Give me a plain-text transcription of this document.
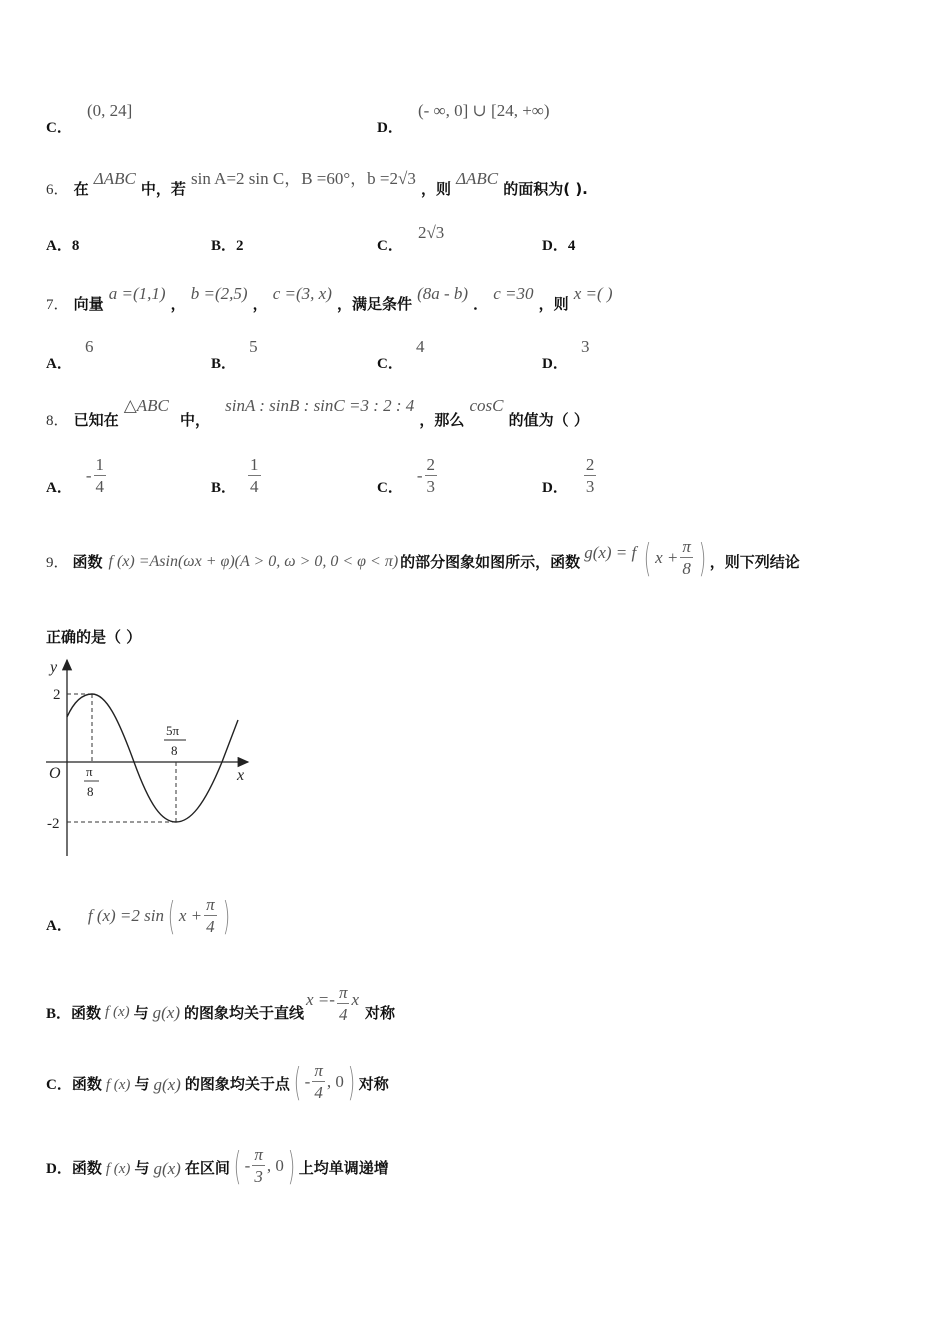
C． (0, 24]
D． (- ∞, 0] ∪ [24, +∞)
6． 在 ΔABC 中，若 sin A=2 sin C，B =60°，b =2√3 ，则 ΔABC 的面积为( ).
A．8	B．2	C． 2√3
D．4
7． 向量 a =(1,1) ， b =(2,5) ， c =(3, x) ，满足条件 (8a - b) ． c =30 ，则 x =( )
A． 6
B． 5
C． 4
D． 3
8． 已知在 △ABC 中， sinA : sinB : sinC =3 : 2 : 4 ，那么 cosC 的值为（ ）
A．
- $\frac{1}{4}$	B． $\frac{1}{4}$	C．
- $\frac{2}{3}$	D． $\frac{2}{3}$
9． 函数 f (x) =Asin(ωx + φ)(A > 0, ω > 0, 0 < φ < π) 的部分图象如图所示，函数
g(x) = f ( $x + \frac{\pi}{8}$ ) ，则下列结论
正确的是（ ）
y
x
O
2
-2
π
8
5π
8
A．
f (x) =2 sin ( $x + \frac{\pi}{4}$ )
B． 函数 f (x) 与 g(x) 的图象均关于直线
$x =- \frac{\pi}{4}$ x
对称
C． 函数 f (x) 与 g(x) 的图象均关于点 ( - $\frac{\pi}{4}$ , 0 ) 对称
D． 函数 f (x) 与 g(x) 在区间 ( - $\frac{\pi}{3}$ , 0 ) 上均单调递增
